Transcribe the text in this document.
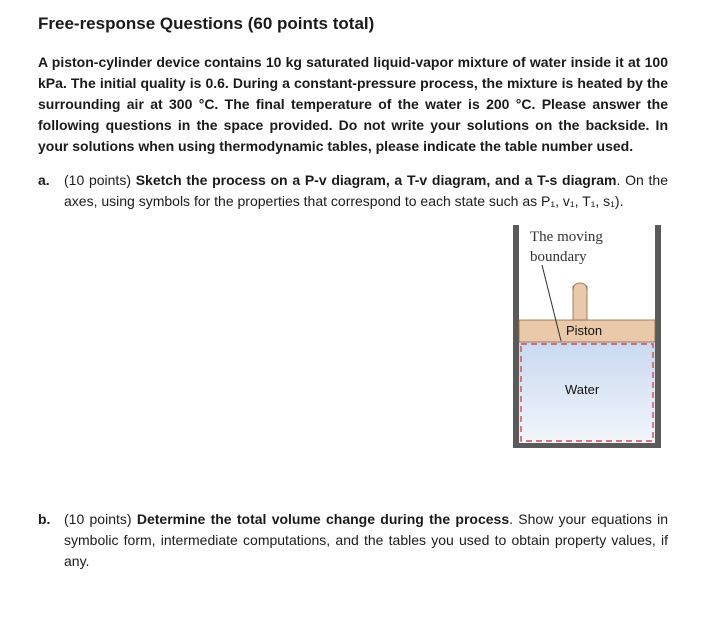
Free-response Questions (60 points total)
A piston-cylinder device contains 10 kg saturated liquid-vapor mixture of water inside it at 100 kPa. The initial quality is 0.6. During a constant-pressure process, the mixture is heated by the surrounding air at 300 °C. The final temperature of the water is 200 °C. Please answer the following questions in the space provided. Do not write your solutions on the backside. In your solutions when using thermodynamic tables, please indicate the table number used.
a. (10 points) Sketch the process on a P-v diagram, a T-v diagram, and a T-s diagram. On the axes, using symbols for the properties that correspond to each state such as P₁, v₁, T₁, s₁).
The moving
boundary
Piston
Water
b. (10 points) Determine the total volume change during the process. Show your equations in symbolic form, intermediate computations, and the tables you used to obtain property values, if any.
